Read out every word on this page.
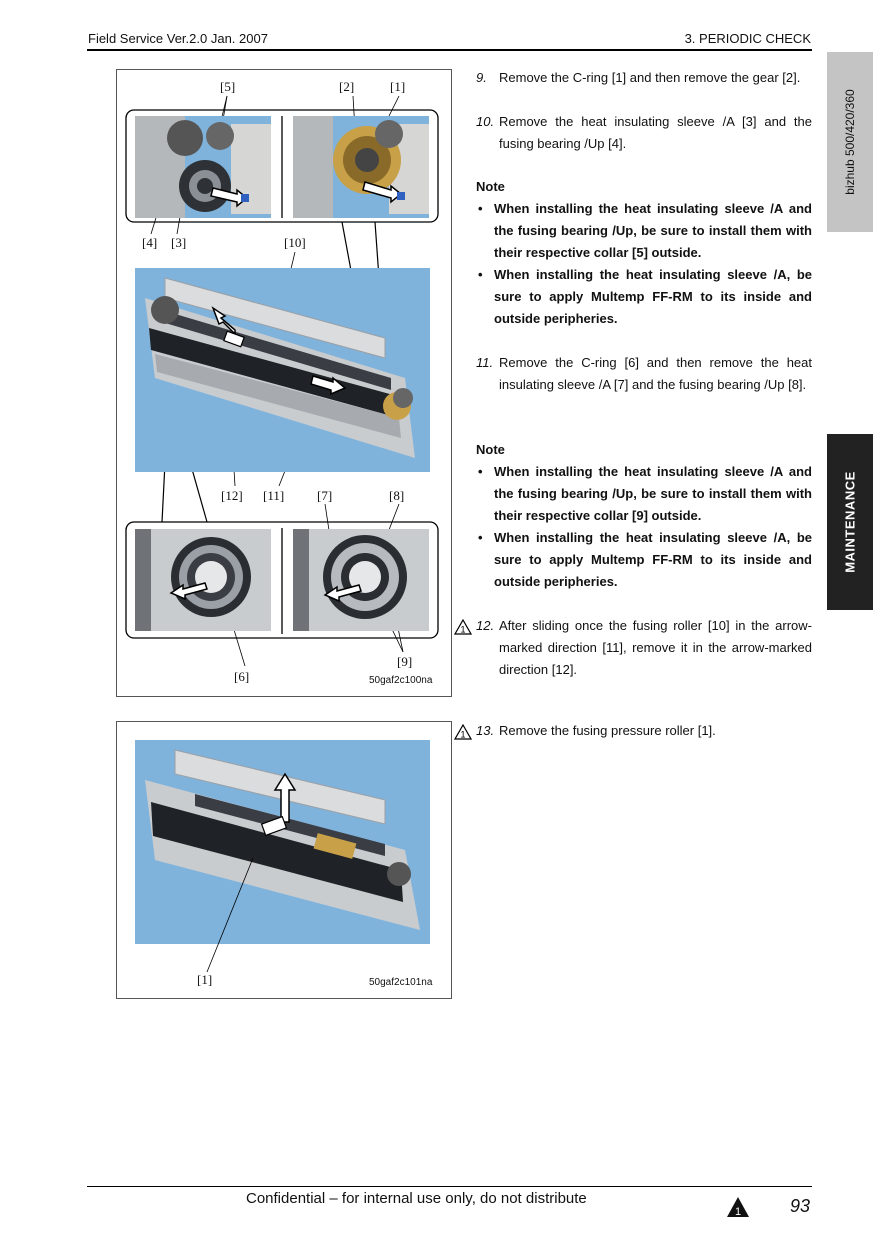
Field Service Ver.2.0 Jan. 2007	3. PERIODIC CHECK
bizhub 500/420/360
MAINTENANCE
[5]	[2]	[1]
[4] [3]	[10]
[12] [11]	[7]	[8]
[9]
[6]	50gaf2c100na
[1]	50gaf2c101na
9. Remove the C-ring [1] and then remove the gear [2].
10. Remove the heat insulating sleeve /A [3] and the fusing bearing /Up [4].
Note
• When installing the heat insulating sleeve /A and the fusing bearing /Up, be sure to install them with their respective collar [5] outside.
• When installing the heat insulating sleeve /A, be sure to apply Multemp FF-RM to its inside and outside peripheries.
11. Remove the C-ring [6] and then remove the heat insulating sleeve /A [7] and the fusing bearing /Up [8].
Note
• When installing the heat insulating sleeve /A and the fusing bearing /Up, be sure to install them with their respective collar [9] outside.
• When installing the heat insulating sleeve /A, be sure to apply Multemp FF-RM to its inside and outside peripheries.
1 12. After sliding once the fusing roller [10] in the arrow-marked direction [11], remove it in the arrow-marked direction [12].
1 13. Remove the fusing pressure roller [1].
Confidential – for internal use only, do not distribute
1	93
